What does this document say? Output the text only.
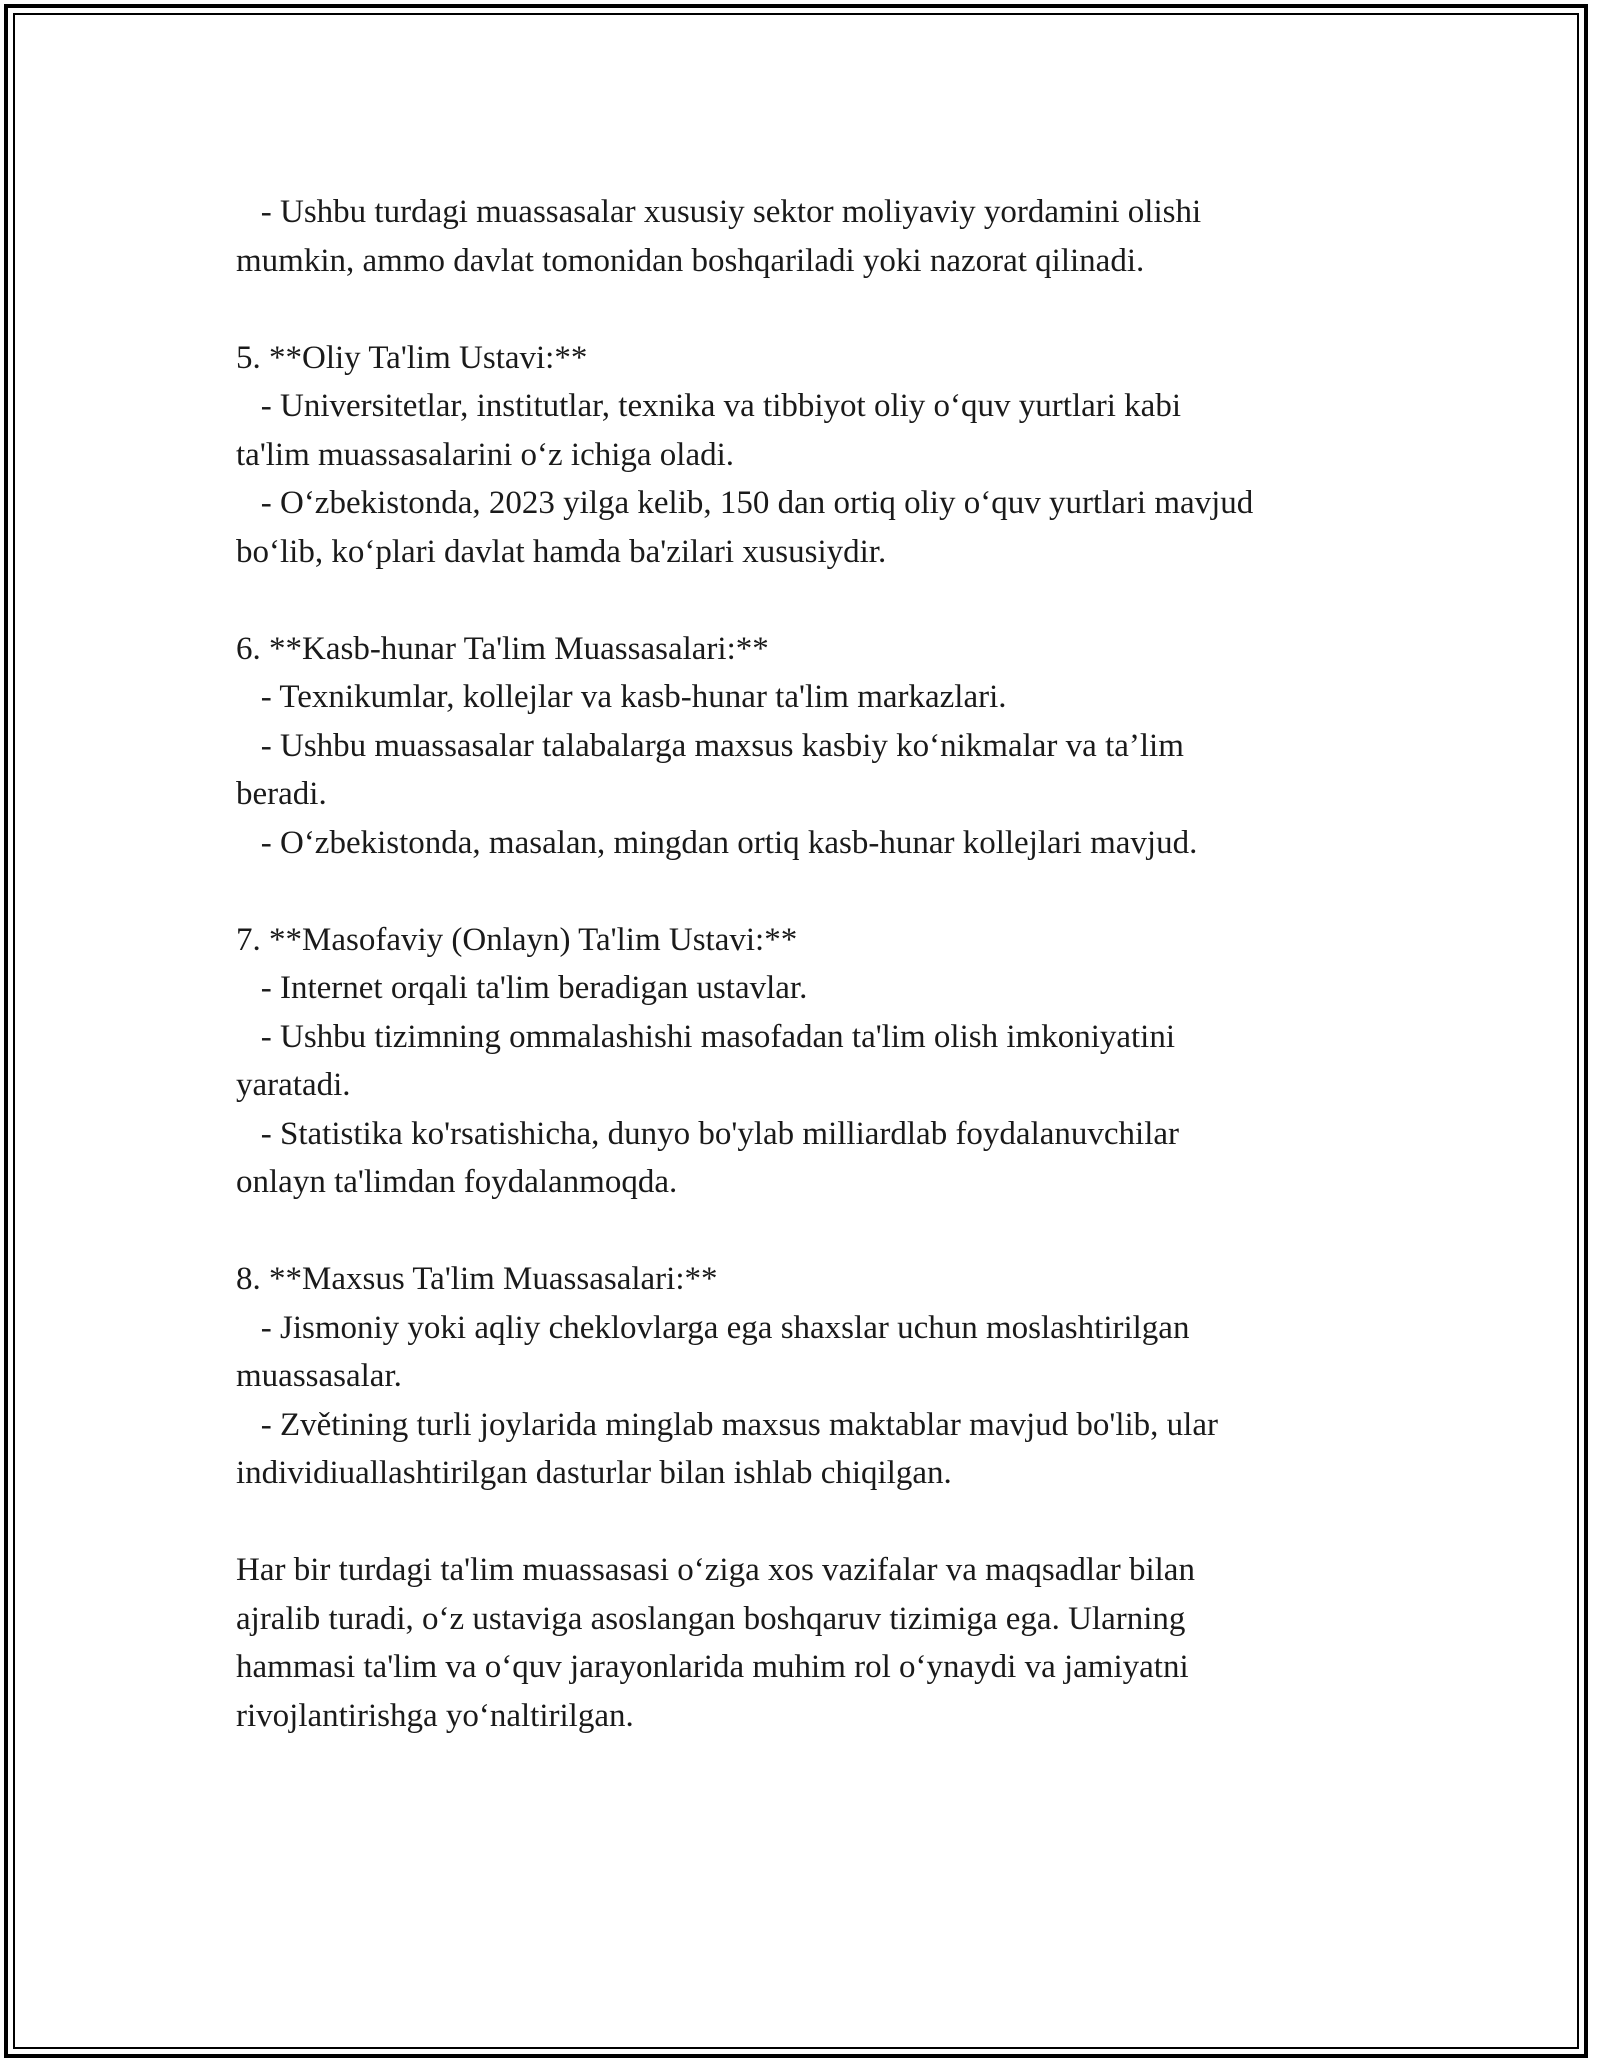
- Ushbu turdagi muassasalar xususiy sektor moliyaviy yordamini olishi

mumkin, ammo davlat tomonidan boshqariladi yoki nazorat qilinadi.

5. **Oliy Ta'lim Ustavi:**

- Universitetlar, institutlar, texnika va tibbiyot oliy o‘quv yurtlari kabi

ta'lim muassasalarini o‘z ichiga oladi.

- O‘zbekistonda, 2023 yilga kelib, 150 dan ortiq oliy o‘quv yurtlari mavjud

bo‘lib, ko‘plari davlat hamda ba'zilari xususiydir.

6. **Kasb-hunar Ta'lim Muassasalari:**

- Texnikumlar, kollejlar va kasb-hunar ta'lim markazlari.

- Ushbu muassasalar talabalarga maxsus kasbiy ko‘nikmalar va ta’lim

beradi.

- O‘zbekistonda, masalan, mingdan ortiq kasb-hunar kollejlari mavjud.

7. **Masofaviy (Onlayn) Ta'lim Ustavi:**

- Internet orqali ta'lim beradigan ustavlar.

- Ushbu tizimning ommalashishi masofadan ta'lim olish imkoniyatini

yaratadi.

- Statistika ko'rsatishicha, dunyo bo'ylab milliardlab foydalanuvchilar

onlayn ta'limdan foydalanmoqda.

8. **Maxsus Ta'lim Muassasalari:**

- Jismoniy yoki aqliy cheklovlarga ega shaxslar uchun moslashtirilgan

muassasalar.

- Zvětining turli joylarida minglab maxsus maktablar mavjud bo'lib, ular

individiuallashtirilgan dasturlar bilan ishlab chiqilgan.

Har bir turdagi ta'lim muassasasi o‘ziga xos vazifalar va maqsadlar bilan

ajralib turadi, o‘z ustaviga asoslangan boshqaruv tizimiga ega. Ularning

hammasi ta'lim va o‘quv jarayonlarida muhim rol o‘ynaydi va jamiyatni

rivojlantirishga yo‘naltirilgan.
